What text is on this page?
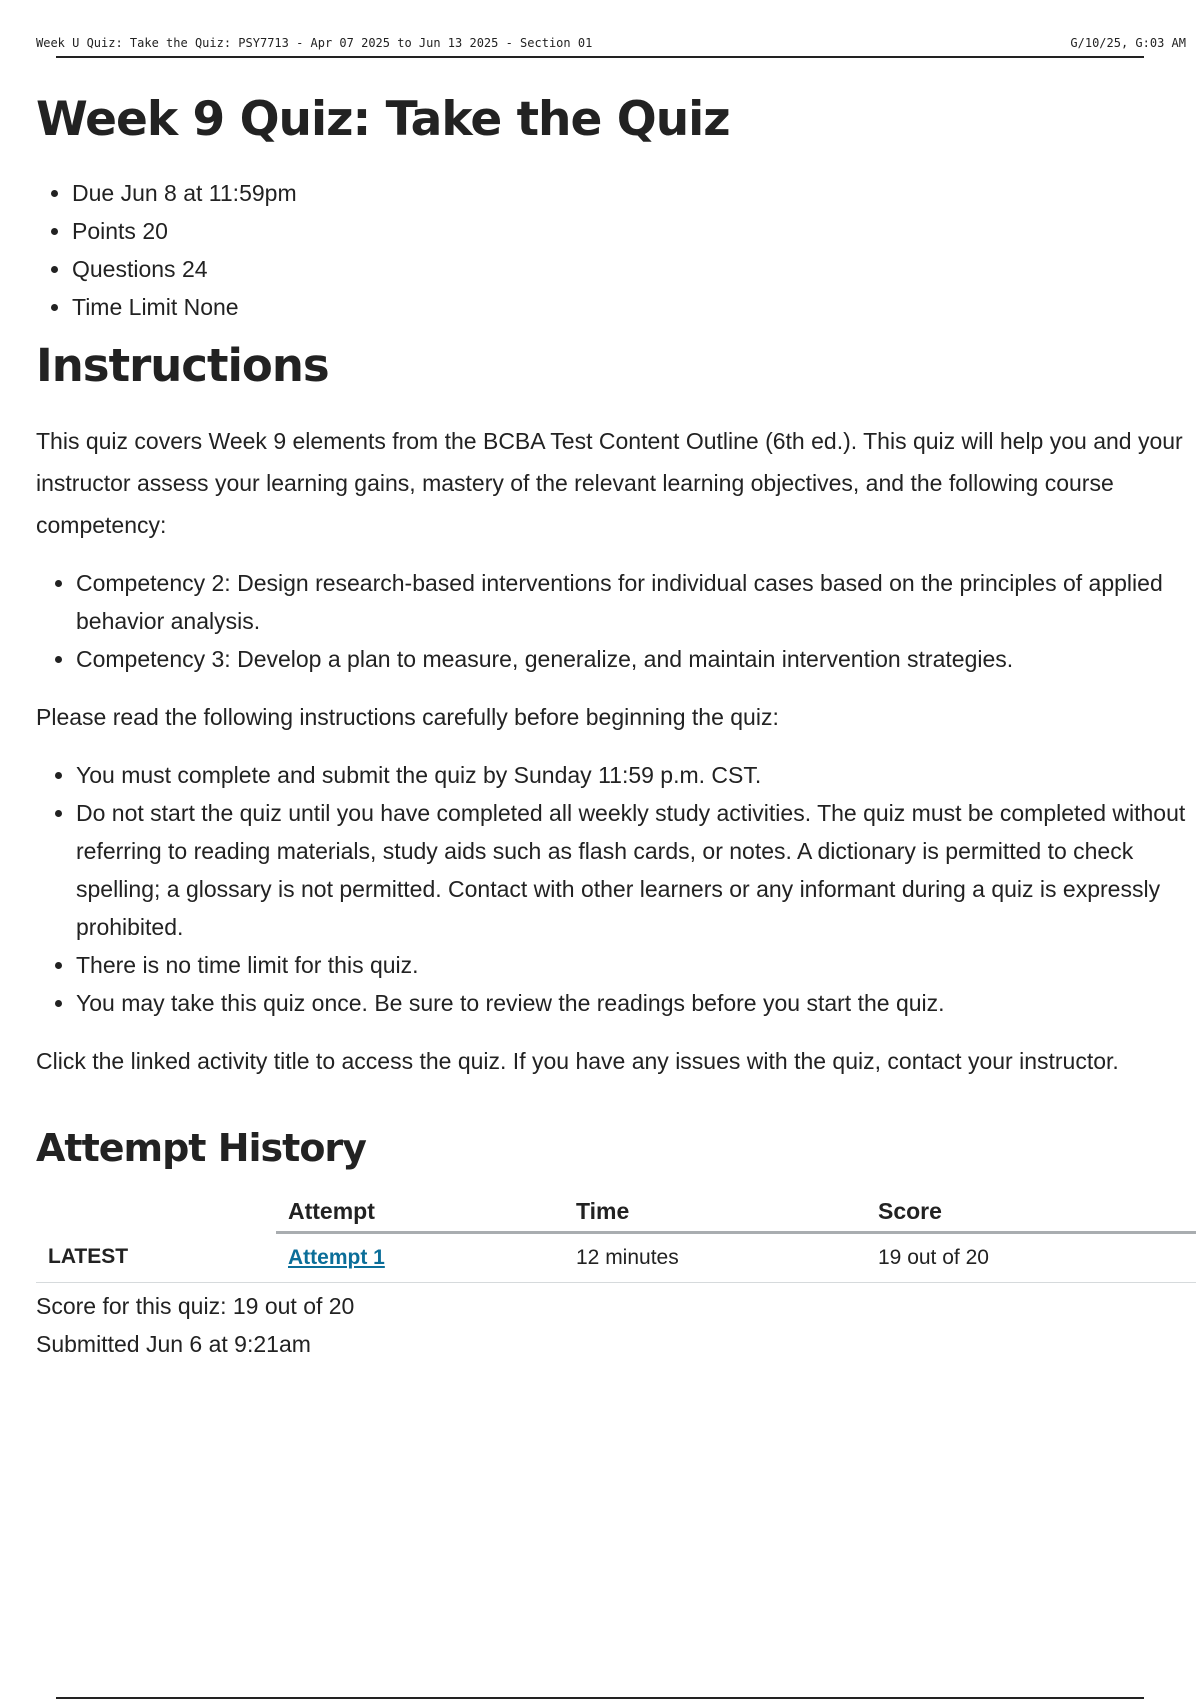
Week U Quiz: Take the Quiz: PSY7713 - Apr 07 2025 to Jun 13 2025 - Section 01	G/10/25, G:03 AM
Week 9 Quiz: Take the Quiz
• Due Jun 8 at 11:59pm
• Points 20
• Questions 24
• Time Limit None
Instructions

This quiz covers Week 9 elements from the BCBA Test Content Outline (6th ed.). This quiz will help you and your instructor assess your learning gains, mastery of the relevant learning objectives, and the following course competency:

• Competency 2: Design research-based interventions for individual cases based on the principles of applied behavior analysis.
• Competency 3: Develop a plan to measure, generalize, and maintain intervention strategies.

Please read the following instructions carefully before beginning the quiz:

• You must complete and submit the quiz by Sunday 11:59 p.m. CST.
• Do not start the quiz until you have completed all weekly study activities. The quiz must be completed without referring to reading materials, study aids such as flash cards, or notes. A dictionary is permitted to check spelling; a glossary is not permitted. Contact with other learners or any informant during a quiz is expressly prohibited.
• There is no time limit for this quiz.
• You may take this quiz once. Be sure to review the readings before you start the quiz.

Click the linked activity title to access the quiz. If you have any issues with the quiz, contact your instructor.

Attempt History
	Attempt	Time	Score
LATEST	Attempt 1	12 minutes	19 out of 20
Score for this quiz: 19 out of 20
Submitted Jun 6 at 9:21am
